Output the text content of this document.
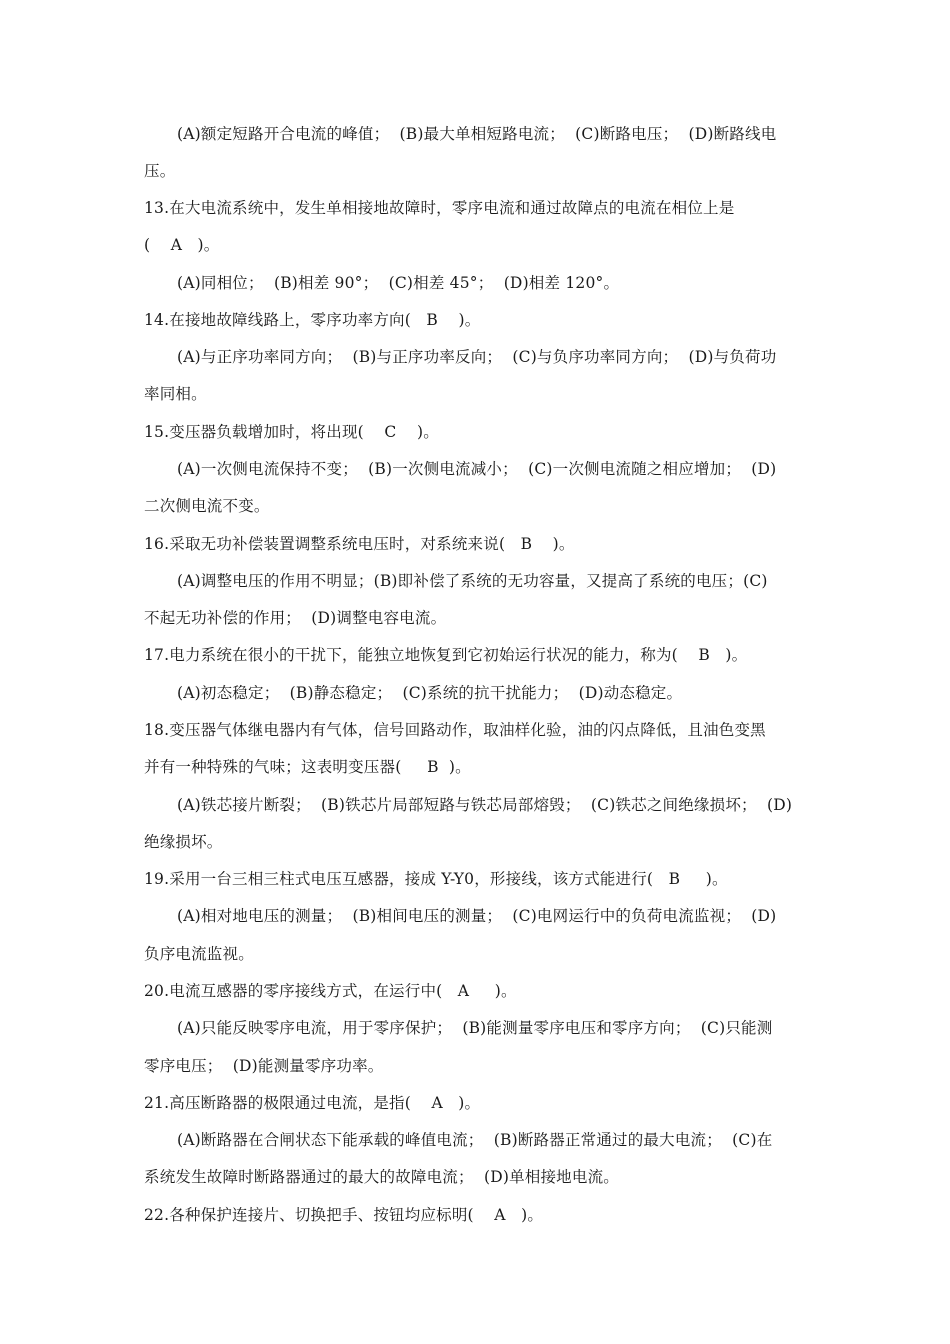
(A)额定短路开合电流的峰值；  (B)最大单相短路电流；  (C)断路电压；  (D)断路线电
压。
13.在大电流系统中，发生单相接地故障时，零序电流和通过故障点的电流在相位上是
(    A   )。
(A)同相位；  (B)相差 90°；  (C)相差 45°；  (D)相差 120°。
14.在接地故障线路上，零序功率方向(   B    )。
(A)与正序功率同方向；  (B)与正序功率反向；  (C)与负序功率同方向；  (D)与负荷功
率同相。
15.变压器负载增加时，将出现(    C    )。
(A)一次侧电流保持不变；  (B)一次侧电流减小；  (C)一次侧电流随之相应增加；  (D)
二次侧电流不变。
16.采取无功补偿装置调整系统电压时，对系统来说(   B    )。
(A)调整电压的作用不明显；(B)即补偿了系统的无功容量，又提高了系统的电压；(C)
不起无功补偿的作用；  (D)调整电容电流。
17.电力系统在很小的干扰下，能独立地恢复到它初始运行状况的能力，称为(    B   )。
(A)初态稳定；  (B)静态稳定；  (C)系统的抗干扰能力；  (D)动态稳定。
18.变压器气体继电器内有气体，信号回路动作，取油样化验，油的闪点降低，且油色变黑
并有一种特殊的气味；这表明变压器(     B  )。
(A)铁芯接片断裂；  (B)铁芯片局部短路与铁芯局部熔毁；  (C)铁芯之间绝缘损坏；  (D)
绝缘损坏。
19.采用一台三相三柱式电压互感器，接成 Y-Y0，形接线，该方式能进行(   B     )。
(A)相对地电压的测量；  (B)相间电压的测量；  (C)电网运行中的负荷电流监视；  (D)
负序电流监视。
20.电流互感器的零序接线方式，在运行中(   A     )。
(A)只能反映零序电流，用于零序保护；  (B)能测量零序电压和零序方向；  (C)只能测
零序电压；  (D)能测量零序功率。
21.高压断路器的极限通过电流，是指(    A   )。
(A)断路器在合闸状态下能承载的峰值电流；  (B)断路器正常通过的最大电流；  (C)在
系统发生故障时断路器通过的最大的故障电流；  (D)单相接地电流。
22.各种保护连接片、切换把手、按钮均应标明(    A   )。
